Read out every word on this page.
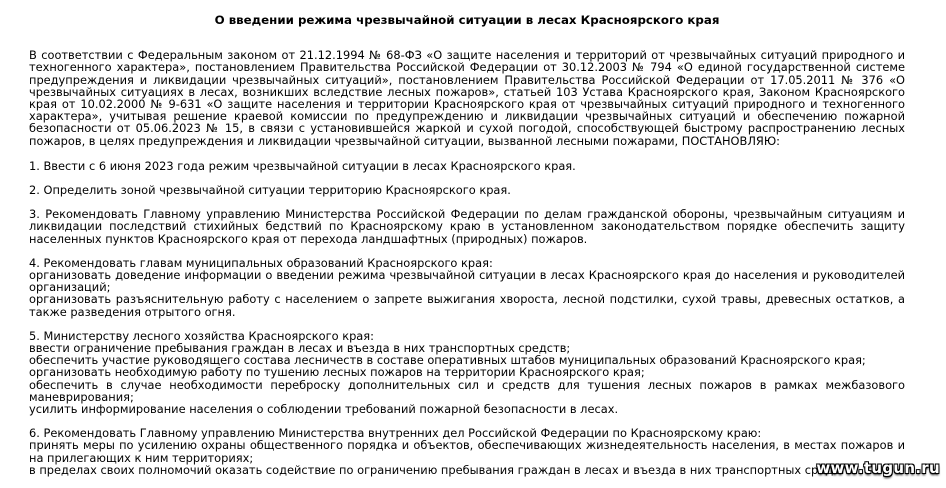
О введении режима чрезвычайной ситуации в лесах Красноярского края
В соответствии с Федеральным законом от 21.12.1994 № 68-ФЗ «О защите населения и территорий от чрезвычайных ситуаций природного и техногенного характера», постановлением Правительства Российской Федерации от 30.12.2003 № 794 «О единой государственной системе предупреждения и ликвидации чрезвычайных ситуаций», постановлением Правительства Российской Федерации от 17.05.2011 № 376 «О чрезвычайных ситуациях в лесах, возникших вследствие лесных пожаров», статьей 103 Устава Красноярского края, Законом Красноярского края от 10.02.2000 № 9-631 «О защите населения и территории Красноярского края от чрезвычайных ситуаций природного и техногенного характера», учитывая решение краевой комиссии по предупреждению и ликвидации чрезвычайных ситуаций и обеспечению пожарной безопасности от 05.06.2023 № 15, в связи с установившейся жаркой и сухой погодой, способствующей быстрому распространению лесных пожаров, в целях предупреждения и ликвидации чрезвычайной ситуации, вызванной лесными пожарами, ПОСТАНОВЛЯЮ:
1. Ввести с 6 июня 2023 года режим чрезвычайной ситуации в лесах Красноярского края.
2. Определить зоной чрезвычайной ситуации территорию Красноярского края.
3. Рекомендовать Главному управлению Министерства Российской Федерации по делам гражданской обороны, чрезвычайным ситуациям и ликвидации последствий стихийных бедствий по Красноярскому краю в установленном законодательством порядке обеспечить защиту населенных пунктов Красноярского края от перехода ландшафтных (природных) пожаров.
4. Рекомендовать главам муниципальных образований Красноярского края:
организовать доведение информации о введении режима чрезвычайной ситуации в лесах Красноярского края до населения и руководителей организаций;
организовать разъяснительную работу с населением о запрете выжигания хвороста, лесной подстилки, сухой травы, древесных остатков, а также разведения отрытого огня.
5. Министерству лесного хозяйства Красноярского края:
ввести ограничение пребывания граждан в лесах и въезда в них транспортных средств;
обеспечить участие руководящего состава лесничеств в составе оперативных штабов муниципальных образований Красноярского края;
организовать необходимую работу по тушению лесных пожаров на территории Красноярского края;
обеспечить в случае необходимости переброску дополнительных сил и средств для тушения лесных пожаров в рамках межбазового маневрирования;
усилить информирование населения о соблюдении требований пожарной безопасности в лесах.
6. Рекомендовать Главному управлению Министерства внутренних дел Российской Федерации по Красноярскому краю:
принять меры по усилению охраны общественного порядка и объектов, обеспечивающих жизнедеятельность населения, в местах пожаров и на прилегающих к ним территориях;
в пределах своих полномочий оказать содействие по ограничению пребывания граждан в лесах и въезда в них транспортных средств.
www.tugun.ru
